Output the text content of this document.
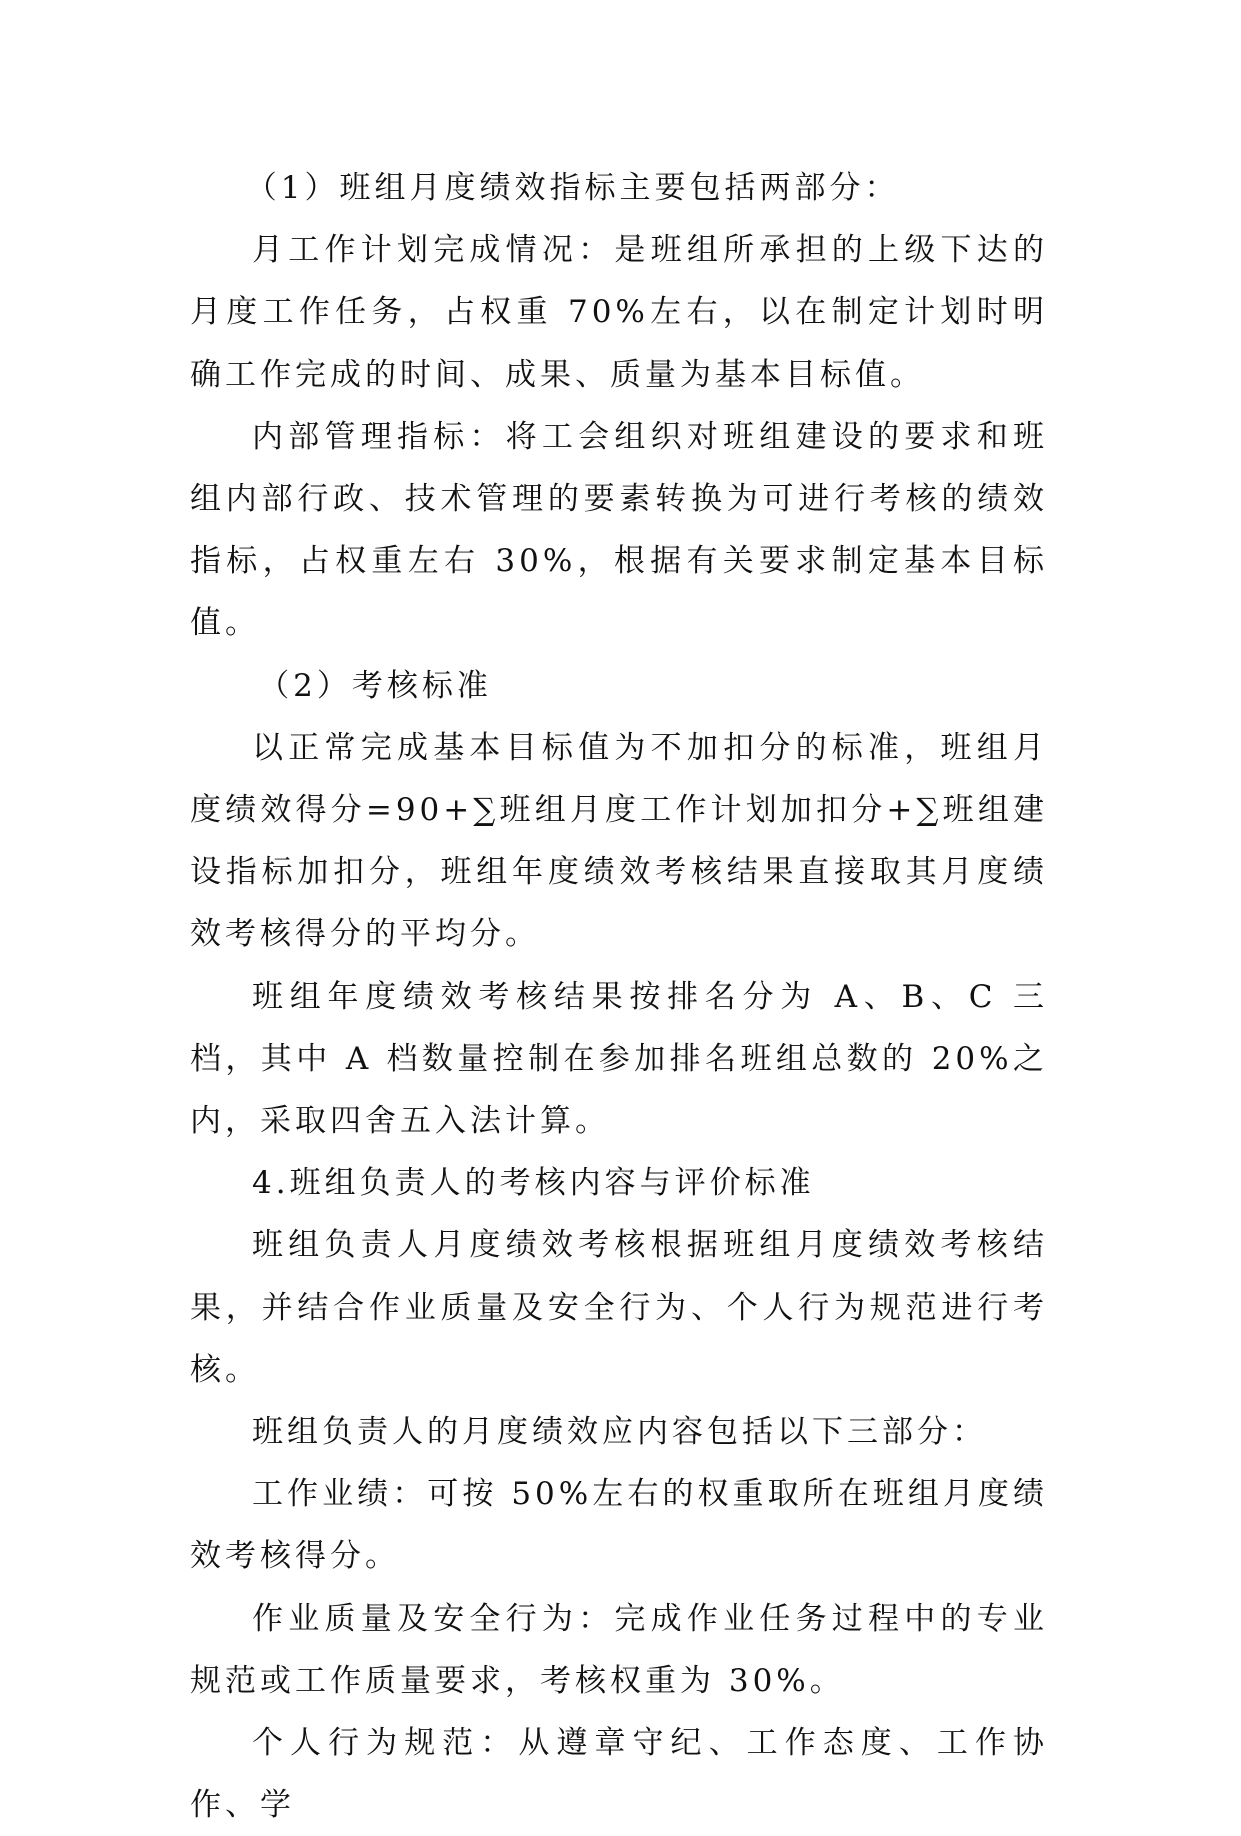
（1）班组月度绩效指标主要包括两部分：

月工作计划完成情况：是班组所承担的上级下达的月度工作任务，占权重 70%左右，以在制定计划时明确工作完成的时间、成果、质量为基本目标值。

内部管理指标：将工会组织对班组建设的要求和班组内部行政、技术管理的要素转换为可进行考核的绩效指标，占权重左右 30%，根据有关要求制定基本目标值。

（2）考核标准

以正常完成基本目标值为不加扣分的标准，班组月度绩效得分=90+∑班组月度工作计划加扣分+∑班组建设指标加扣分，班组年度绩效考核结果直接取其月度绩效考核得分的平均分。

班组年度绩效考核结果按排名分为 A、B、C 三档，其中 A 档数量控制在参加排名班组总数的 20%之内，采取四舍五入法计算。

4.班组负责人的考核内容与评价标准

班组负责人月度绩效考核根据班组月度绩效考核结果，并结合作业质量及安全行为、个人行为规范进行考核。

班组负责人的月度绩效应内容包括以下三部分：

工作业绩：可按 50%左右的权重取所在班组月度绩效考核得分。

作业质量及安全行为：完成作业任务过程中的专业规范或工作质量要求，考核权重为 30%。

个人行为规范：从遵章守纪、工作态度、工作协作、学
